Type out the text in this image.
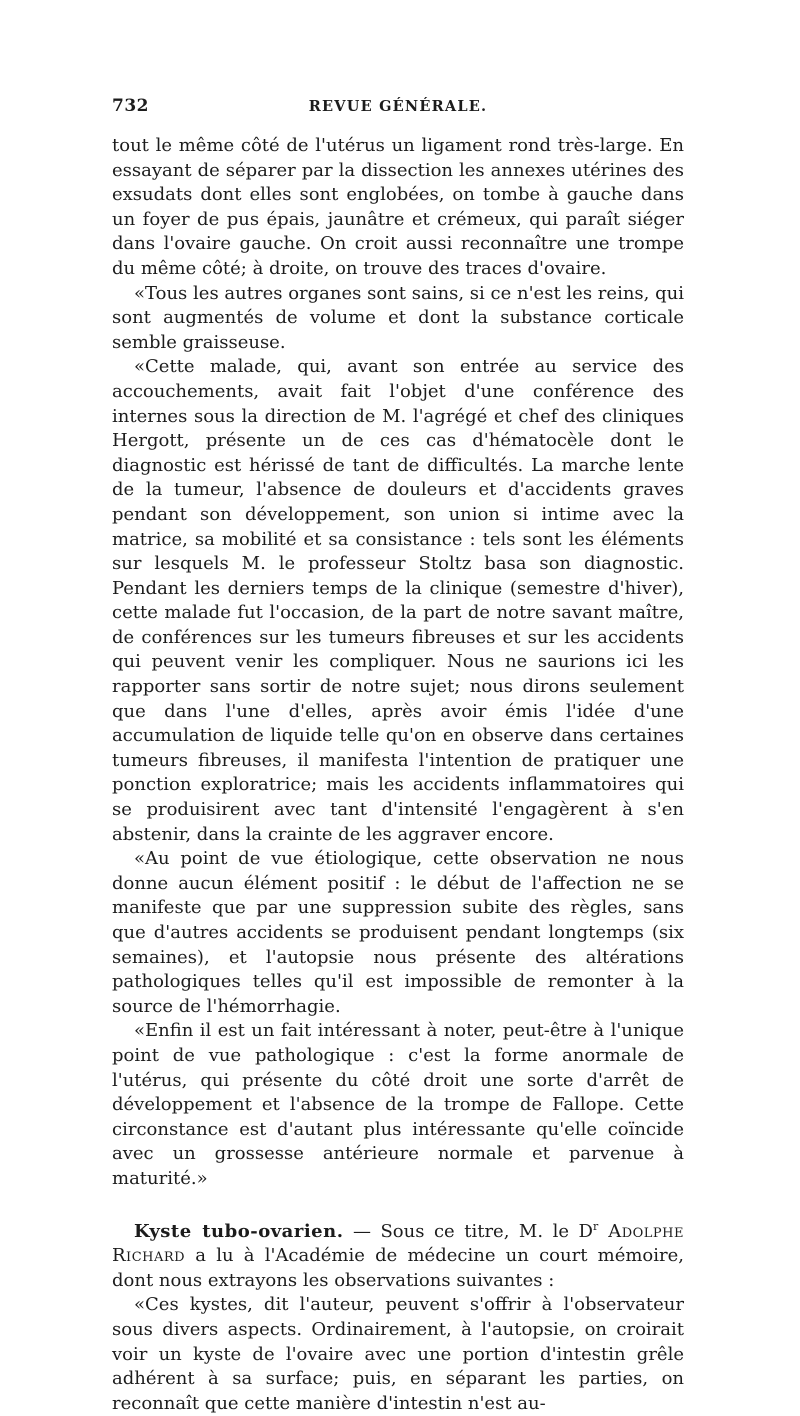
732	REVUE GÉNÉRALE.

tout le même côté de l'utérus un ligament rond très-large. En essayant de séparer par la dissection les annexes utérines des exsudats dont elles sont englobées, on tombe à gauche dans un foyer de pus épais, jaunâtre et crémeux, qui paraît siéger dans l'ovaire gauche. On croit aussi reconnaître une trompe du même côté; à droite, on trouve des traces d'ovaire.

«Tous les autres organes sont sains, si ce n'est les reins, qui sont augmentés de volume et dont la substance corticale semble graisseuse.

«Cette malade, qui, avant son entrée au service des accouchements, avait fait l'objet d'une conférence des internes sous la direction de M. l'agrégé et chef des cliniques Hergott, présente un de ces cas d'hématocèle dont le diagnostic est hérissé de tant de difficultés. La marche lente de la tumeur, l'absence de douleurs et d'accidents graves pendant son développement, son union si intime avec la matrice, sa mobilité et sa consistance : tels sont les éléments sur lesquels M. le professeur Stoltz basa son diagnostic. Pendant les derniers temps de la clinique (semestre d'hiver), cette malade fut l'occasion, de la part de notre savant maître, de conférences sur les tumeurs fibreuses et sur les accidents qui peuvent venir les compliquer. Nous ne saurions ici les rapporter sans sortir de notre sujet; nous dirons seulement que dans l'une d'elles, après avoir émis l'idée d'une accumulation de liquide telle qu'on en observe dans certaines tumeurs fibreuses, il manifesta l'intention de pratiquer une ponction exploratrice; mais les accidents inflammatoires qui se produisirent avec tant d'intensité l'engagèrent à s'en abstenir, dans la crainte de les aggraver encore.

«Au point de vue étiologique, cette observation ne nous donne aucun élément positif : le début de l'affection ne se manifeste que par une suppression subite des règles, sans que d'autres accidents se produisent pendant longtemps (six semaines), et l'autopsie nous présente des altérations pathologiques telles qu'il est impossible de remonter à la source de l'hémorrhagie.

«Enfin il est un fait intéressant à noter, peut-être à l'unique point de vue pathologique : c'est la forme anormale de l'utérus, qui présente du côté droit une sorte d'arrêt de développement et l'absence de la trompe de Fallope. Cette circonstance est d'autant plus intéressante qu'elle coïncide avec un grossesse antérieure normale et parvenue à maturité.»

Kyste tubo-ovarien. — Sous ce titre, M. le $D^r$ Adolphe Richard a lu à l'Académie de médecine un court mémoire, dont nous extrayons les observations suivantes :

«Ces kystes, dit l'auteur, peuvent s'offrir à l'observateur sous divers aspects. Ordinairement, à l'autopsie, on croirait voir un kyste de l'ovaire avec une portion d'intestin grêle adhérent à sa surface; puis, en séparant les parties, on reconnaît que cette manière d'intestin n'est au-
